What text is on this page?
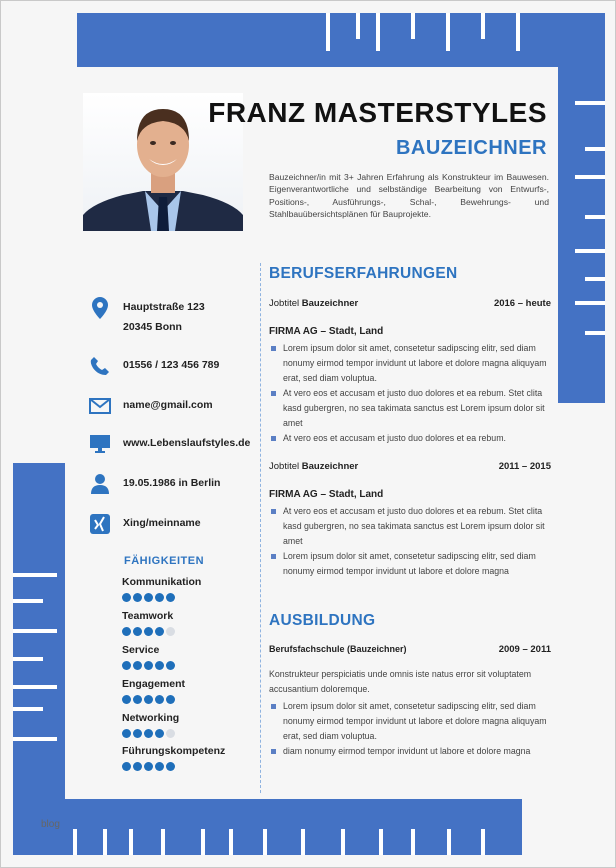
FRANZ MASTERSTYLES
BAUZEICHNER
Bauzeichner/in mit 3+ Jahren Erfahrung als Konstrukteur im Bauwesen. Eigenverantwortliche und selbständige Bearbeitung von Entwurfs-, Positions-, Ausführungs-, Schal-, Bewehrungs- und Stahlbauübersichtsplänen für Bauprojekte.
Hauptstraße 123
20345 Bonn
01556 / 123 456 789
name@gmail.com
www.Lebenslaufstyles.de
19.05.1986 in Berlin
Xing/meinname
FÄHIGKEITEN
Kommunikation
Teamwork
Service
Engagement
Networking
Führungskompetenz
BERUFSERFAHRUNGEN
Jobtitel Bauzeichner	2016 – heute
FIRMA AG – Stadt, Land
Lorem ipsum dolor sit amet, consetetur sadipscing elitr, sed diam nonumy eirmod tempor invidunt ut labore et dolore magna aliquyam erat, sed diam voluptua.
At vero eos et accusam et justo duo dolores et ea rebum. Stet clita kasd gubergren, no sea takimata sanctus est Lorem ipsum dolor sit amet
At vero eos et accusam et justo duo dolores et ea rebum.
Jobtitel Bauzeichner	2011 – 2015
FIRMA AG – Stadt, Land
At vero eos et accusam et justo duo dolores et ea rebum. Stet clita kasd gubergren, no sea takimata sanctus est Lorem ipsum dolor sit amet
Lorem ipsum dolor sit amet, consetetur sadipscing elitr, sed diam nonumy eirmod tempor invidunt ut labore et dolore magna
AUSBILDUNG
Berufsfachschule (Bauzeichner)	2009 – 2011
Konstrukteur perspiciatis unde omnis iste natus error sit voluptatem accusantium doloremque.
Lorem ipsum dolor sit amet, consetetur sadipscing elitr, sed diam nonumy eirmod tempor invidunt ut labore et dolore magna aliquyam erat, sed diam voluptua.
diam nonumy eirmod tempor invidunt ut labore et dolore magna
blog
